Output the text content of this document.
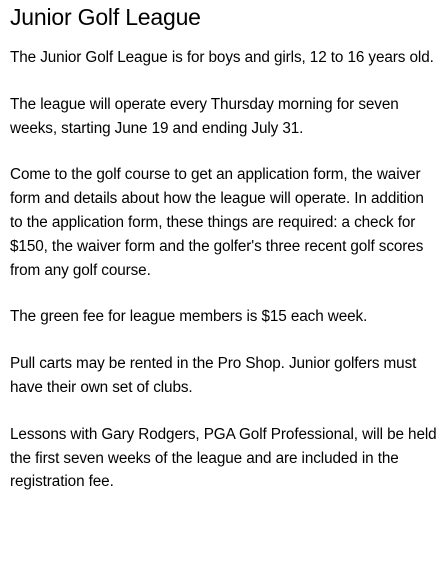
Junior Golf League

The Junior Golf League is for boys and girls, 12 to 16 years old.

The league will operate every Thursday morning for seven weeks, starting June 19 and ending July 31.

Come to the golf course to get an application form, the waiver form and details about how the league will operate. In addition to the application form, these things are required: a check for $150, the waiver form and the golfer's three recent golf scores from any golf course.

The green fee for league members is $15 each week.

Pull carts may be rented in the Pro Shop. Junior golfers must have their own set of clubs.

Lessons with Gary Rodgers, PGA Golf Professional, will be held the first seven weeks of the league and are included in the registration fee.
